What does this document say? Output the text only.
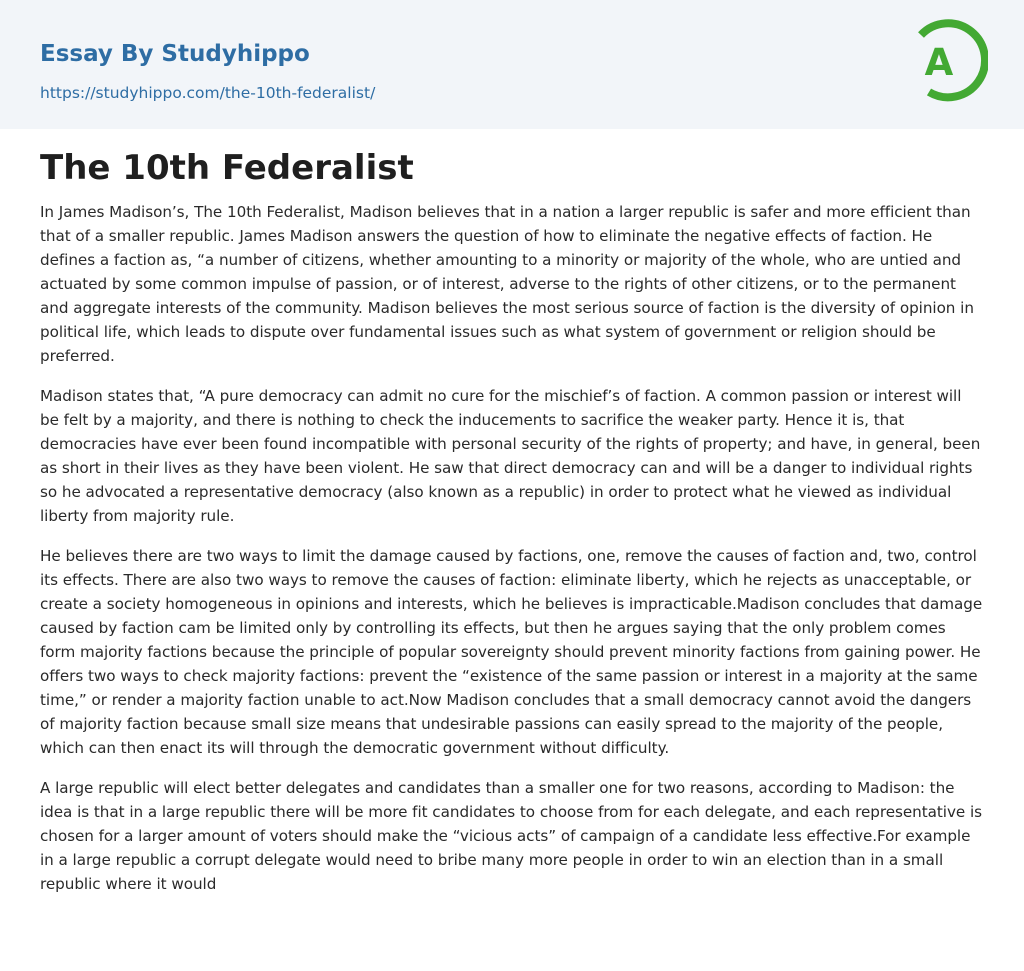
Essay By Studyhippo
https://studyhippo.com/the-10th-federalist/
A
The 10th Federalist

In James Madison’s, The 10th Federalist, Madison believes that in a nation a larger republic is safer and more efficient than that of a smaller republic. James Madison answers the question of how to eliminate the negative effects of faction. He defines a faction as, “a number of citizens, whether amounting to a minority or majority of the whole, who are untied and actuated by some common impulse of passion, or of interest, adverse to the rights of other citizens, or to the permanent and aggregate interests of the community. Madison believes the most serious source of faction is the diversity of opinion in political life, which leads to dispute over fundamental issues such as what system of government or religion should be preferred.

Madison states that, “A pure democracy can admit no cure for the mischief’s of faction. A common passion or interest will be felt by a majority, and there is nothing to check the inducements to sacrifice the weaker party. Hence it is, that democracies have ever been found incompatible with personal security of the rights of property; and have, in general, been as short in their lives as they have been violent. He saw that direct democracy can and will be a danger to individual rights so he advocated a representative democracy (also known as a republic) in order to protect what he viewed as individual liberty from majority rule.

He believes there are two ways to limit the damage caused by factions, one, remove the causes of faction and, two, control its effects. There are also two ways to remove the causes of faction: eliminate liberty, which he rejects as unacceptable, or create a society homogeneous in opinions and interests, which he believes is impracticable.Madison concludes that damage caused by faction cam be limited only by controlling its effects, but then he argues saying that the only problem comes form majority factions because the principle of popular sovereignty should prevent minority factions from gaining power. He offers two ways to check majority factions: prevent the “existence of the same passion or interest in a majority at the same time,” or render a majority faction unable to act.Now Madison concludes that a small democracy cannot avoid the dangers of majority faction because small size means that undesirable passions can easily spread to the majority of the people, which can then enact its will through the democratic government without difficulty.

A large republic will elect better delegates and candidates than a smaller one for two reasons, according to Madison: the idea is that in a large republic there will be more fit candidates to choose from for each delegate, and each representative is chosen for a larger amount of voters should make the “vicious acts” of campaign of a candidate less effective.For example in a large republic a corrupt delegate would need to bribe many more people in order to win an election than in a small republic where it would
